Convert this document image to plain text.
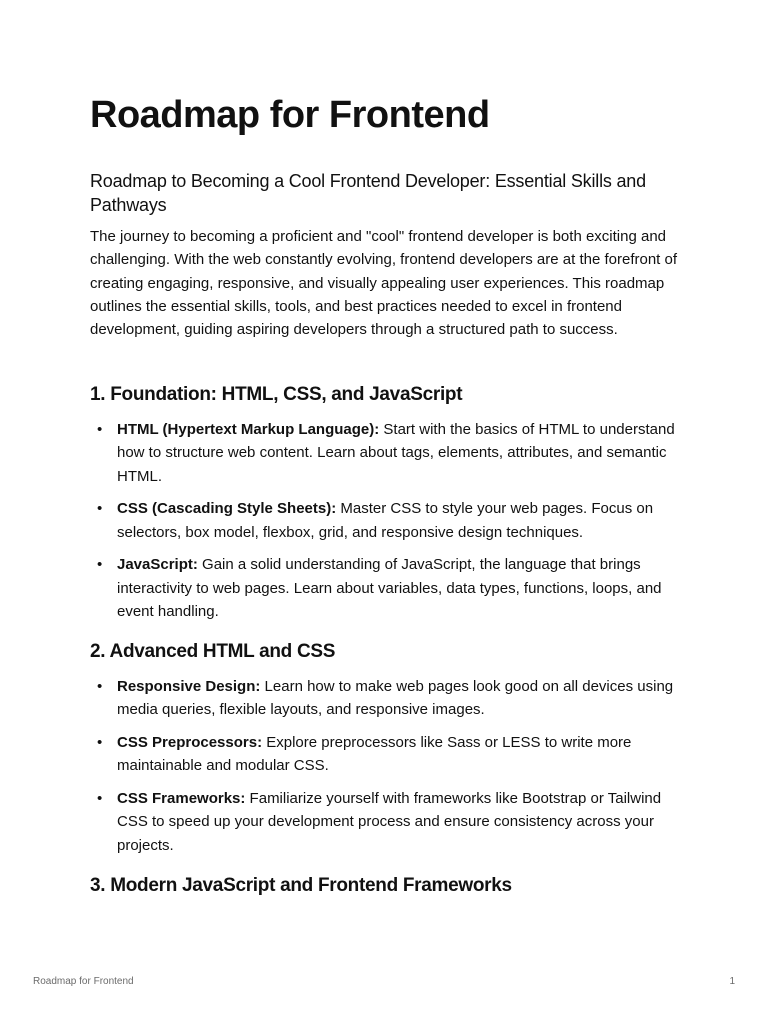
Roadmap for Frontend
Roadmap to Becoming a Cool Frontend Developer: Essential Skills and Pathways

The journey to becoming a proficient and "cool" frontend developer is both exciting and challenging. With the web constantly evolving, frontend developers are at the forefront of creating engaging, responsive, and visually appealing user experiences. This roadmap outlines the essential skills, tools, and best practices needed to excel in frontend development, guiding aspiring developers through a structured path to success.

1. Foundation: HTML, CSS, and JavaScript
• HTML (Hypertext Markup Language): Start with the basics of HTML to understand how to structure web content. Learn about tags, elements, attributes, and semantic HTML.
• CSS (Cascading Style Sheets): Master CSS to style your web pages. Focus on selectors, box model, flexbox, grid, and responsive design techniques.
• JavaScript: Gain a solid understanding of JavaScript, the language that brings interactivity to web pages. Learn about variables, data types, functions, loops, and event handling.
2. Advanced HTML and CSS
• Responsive Design: Learn how to make web pages look good on all devices using media queries, flexible layouts, and responsive images.
• CSS Preprocessors: Explore preprocessors like Sass or LESS to write more maintainable and modular CSS.
• CSS Frameworks: Familiarize yourself with frameworks like Bootstrap or Tailwind CSS to speed up your development process and ensure consistency across your projects.
3. Modern JavaScript and Frontend Frameworks
Roadmap for Frontend	1
